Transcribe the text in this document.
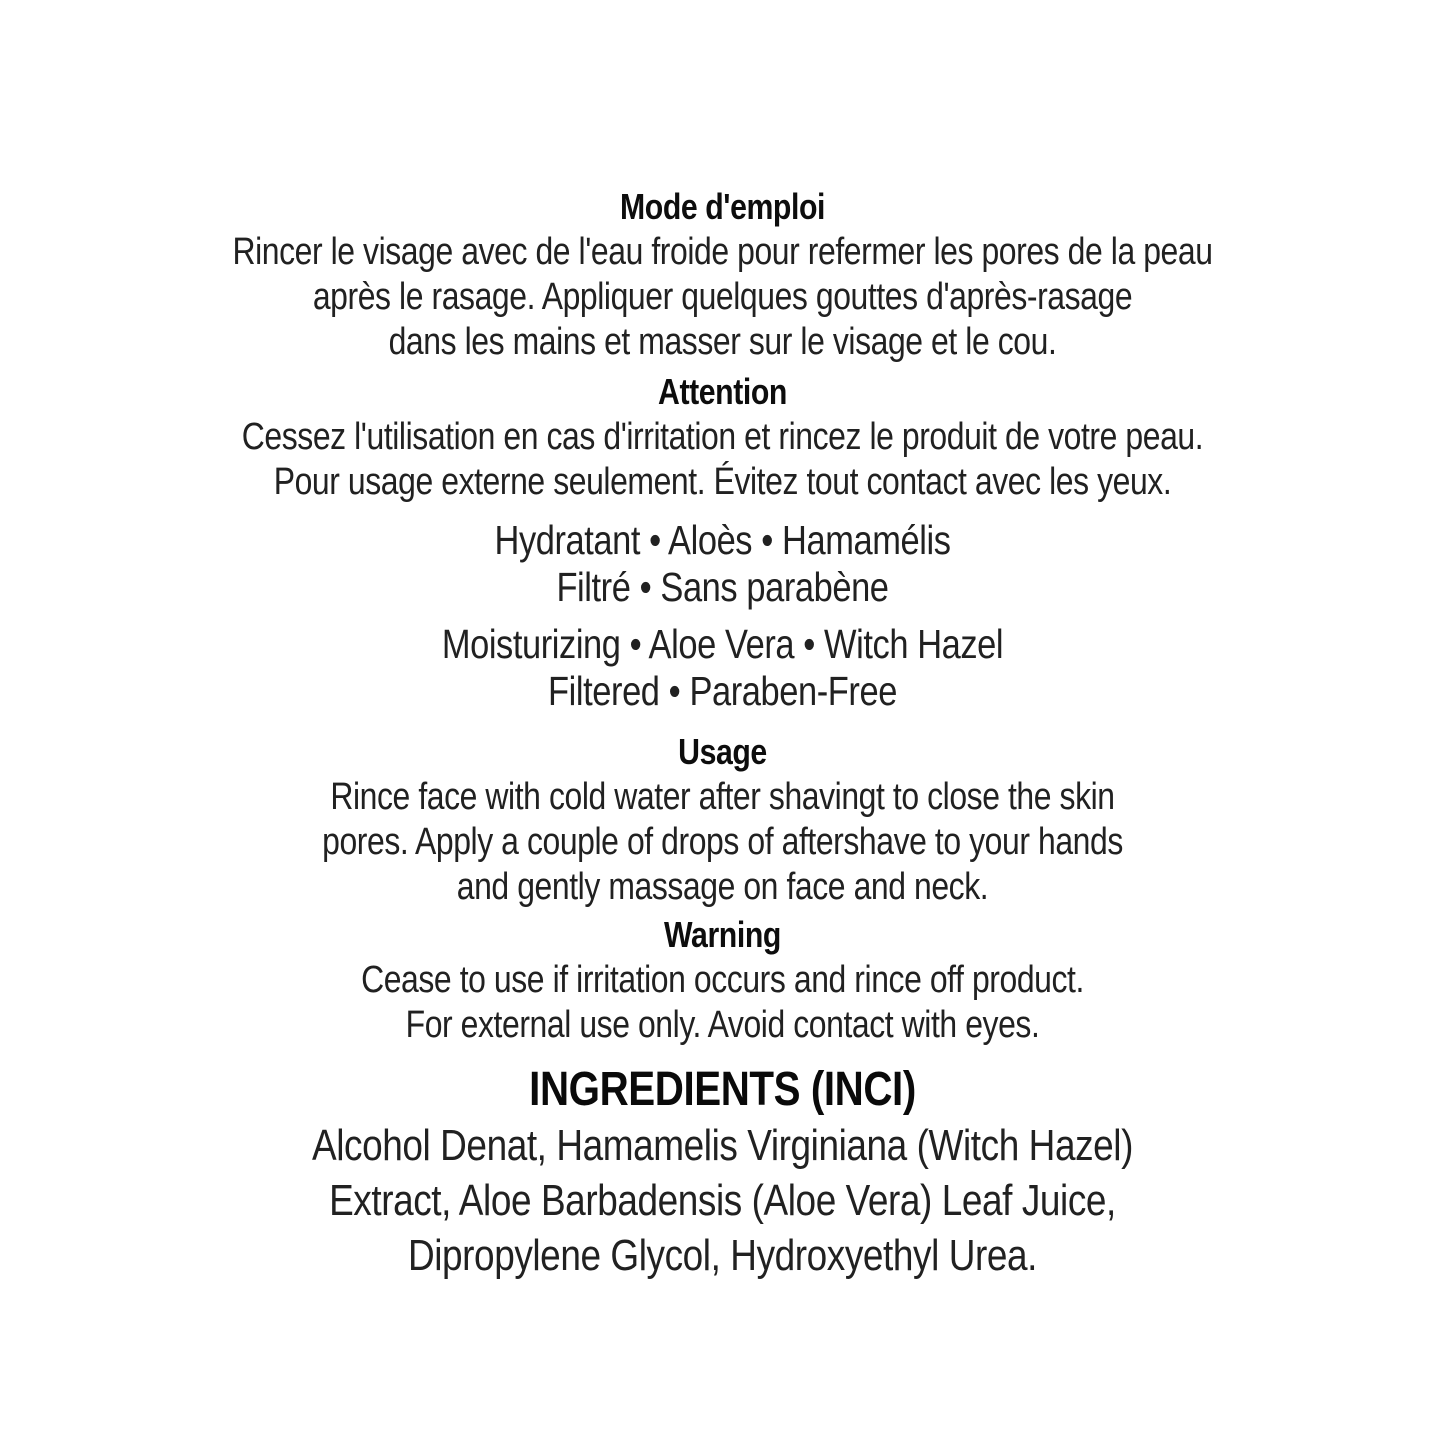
Mode d'emploi

Rincer le visage avec de l'eau froide pour refermer les pores de la peau
après le rasage. Appliquer quelques gouttes d'après-rasage
dans les mains et masser sur le visage et le cou.

Attention

Cessez l'utilisation en cas d'irritation et rincez le produit de votre peau.
Pour usage externe seulement. Évitez tout contact avec les yeux.

Hydratant • Aloès • Hamamélis
Filtré • Sans parabène

Moisturizing • Aloe Vera • Witch Hazel
Filtered • Paraben-Free

Usage

Rince face with cold water after shavingt to close the skin
pores. Apply a couple of drops of aftershave to your hands
and gently massage on face and neck.

Warning

Cease to use if irritation occurs and rince off product.
For external use only. Avoid contact with eyes.

INGREDIENTS (INCI)

Alcohol Denat, Hamamelis Virginiana (Witch Hazel)
Extract, Aloe Barbadensis (Aloe Vera) Leaf Juice,
Dipropylene Glycol, Hydroxyethyl Urea.
